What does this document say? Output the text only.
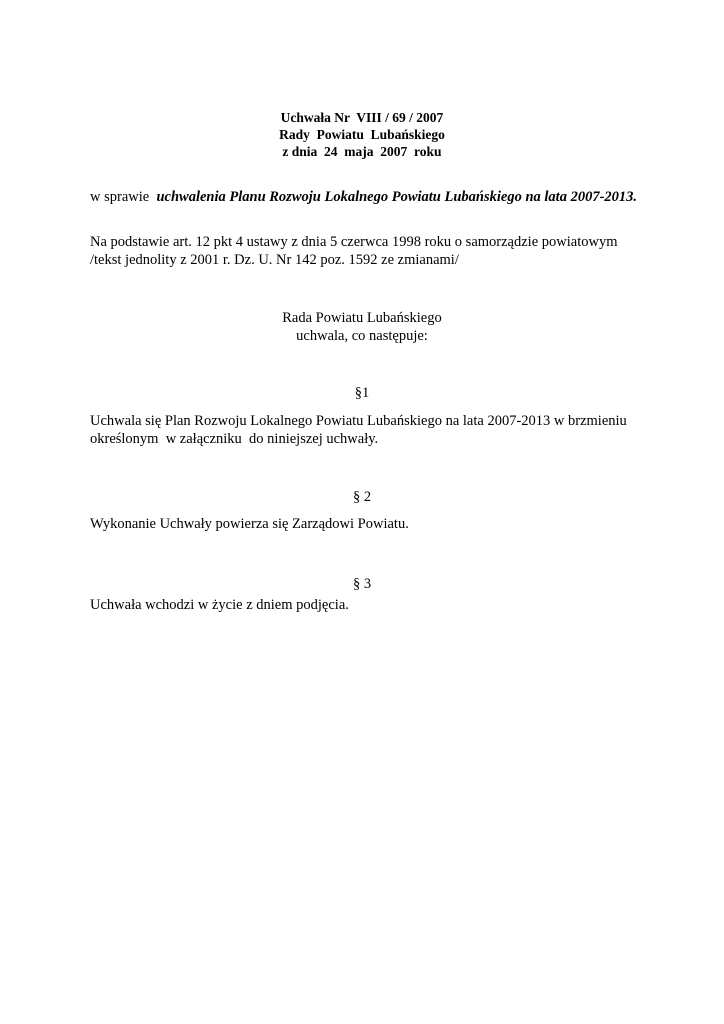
Uchwała Nr  VIII / 69 / 2007
Rady  Powiatu  Lubańskiego
z dnia  24  maja  2007  roku
w sprawie  uchwalenia Planu Rozwoju Lokalnego Powiatu Lubańskiego na lata 2007-2013.
Na podstawie art. 12 pkt 4 ustawy z dnia 5 czerwca 1998 roku o samorządzie powiatowym
/tekst jednolity z 2001 r. Dz. U. Nr 142 poz. 1592 ze zmianami/
Rada Powiatu Lubańskiego
uchwala, co następuje:
§1
Uchwala się Plan Rozwoju Lokalnego Powiatu Lubańskiego na lata 2007-2013 w brzmieniu
określonym  w załączniku  do niniejszej uchwały.
§ 2
Wykonanie Uchwały powierza się Zarządowi Powiatu.
§ 3
Uchwała wchodzi w życie z dniem podjęcia.
